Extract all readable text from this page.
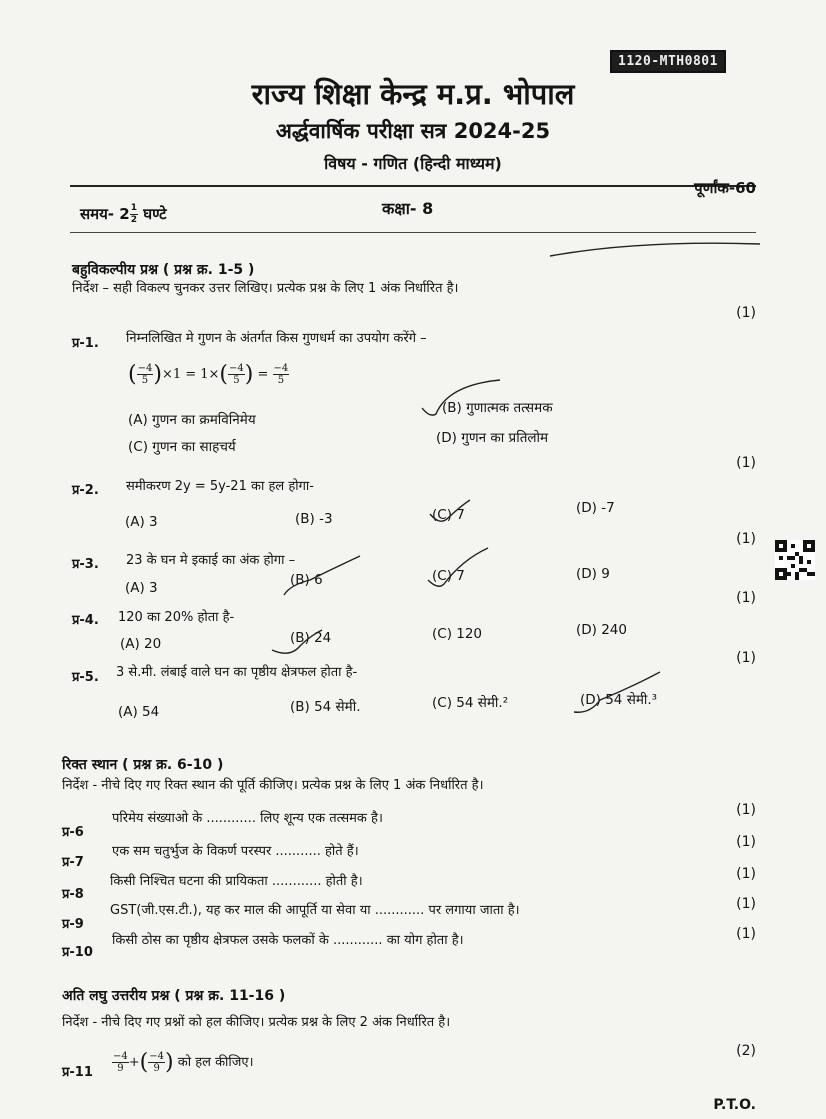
1120-MTH0801
राज्य शिक्षा केन्द्र म.प्र. भोपाल
अर्द्धवार्षिक परीक्षा सत्र 2024-25
विषय - गणित (हिन्दी माध्यम)
समय- $2 \frac{1}{2}$ घण्टे	कक्षा- 8
पूर्णांक-60
बहुविकल्पीय प्रश्न ( प्रश्न क्र. 1-5 )
निर्देश – सही विकल्प चुनकर उत्तर लिखिए। प्रत्येक प्रश्न के लिए 1 अंक निर्धारित है।
(1)
प्र-1. निम्नलिखित मे गुणन के अंतर्गत किस गुणधर्म का उपयोग करेंगे –
( $\frac{-4}{5} )\times 1 = 1\times( \frac{-4}{5}$ ) = $\frac{-4}{5}$
(A) गुणन का क्रमविनिमेय
(B) गुणात्मक तत्समक
(C) गुणन का साहचर्य
(D) गुणन का प्रतिलोम
(1)
प्र-2. समीकरण 2y = 5y-21 का हल होगा-
(A) 3	(B) -3	(C) 7	(D) -7
(1)
प्र-3. 23 के घन मे इकाई का अंक होगा –
(A) 3	(B) 6	(C) 7	(D) 9
(1)
प्र-4. 120 का 20% होता है-
(A) 20	(B) 24	(C) 120	(D) 240
(1)
प्र-5. 3 से.मी. लंबाई वाले घन का पृष्ठीय क्षेत्रफल होता है-
(A) 54	(B) 54 सेमी.	(C) 54 सेमी.²	(D) 54 सेमी.³
रिक्त स्थान ( प्रश्न क्र. 6-10 )
निर्देश - नीचे दिए गए रिक्त स्थान की पूर्ति कीजिए। प्रत्येक प्रश्न के लिए 1 अंक निर्धारित है।
प्र-6
परिमेय संख्याओ के ............ लिए शून्य एक तत्समक है।
(1)
प्र-7
एक सम चतुर्भुज के विकर्ण परस्पर ........... होते हैं।
(1)
प्र-8
किसी निश्चित घटना की प्रायिकता ............ होती है।	(1)
प्र-9
GST(जी.एस.टी.), यह कर माल की आपूर्ति या सेवा या ............ पर लगाया जाता है।	(1)
प्र-10
किसी ठोस का पृष्ठीय क्षेत्रफल उसके फलकों के ............ का योग होता है।	(1)
अति लघु उत्तरीय प्रश्न ( प्रश्न क्र. 11-16 )
निर्देश - नीचे दिए गए प्रश्नों को हल कीजिए। प्रत्येक प्रश्न के लिए 2 अंक निर्धारित है।
(2)
प्र-11 $\frac{-4}{9}$ +( $\frac{-4}{9}$ ) को हल कीजिए।
P.T.O.
